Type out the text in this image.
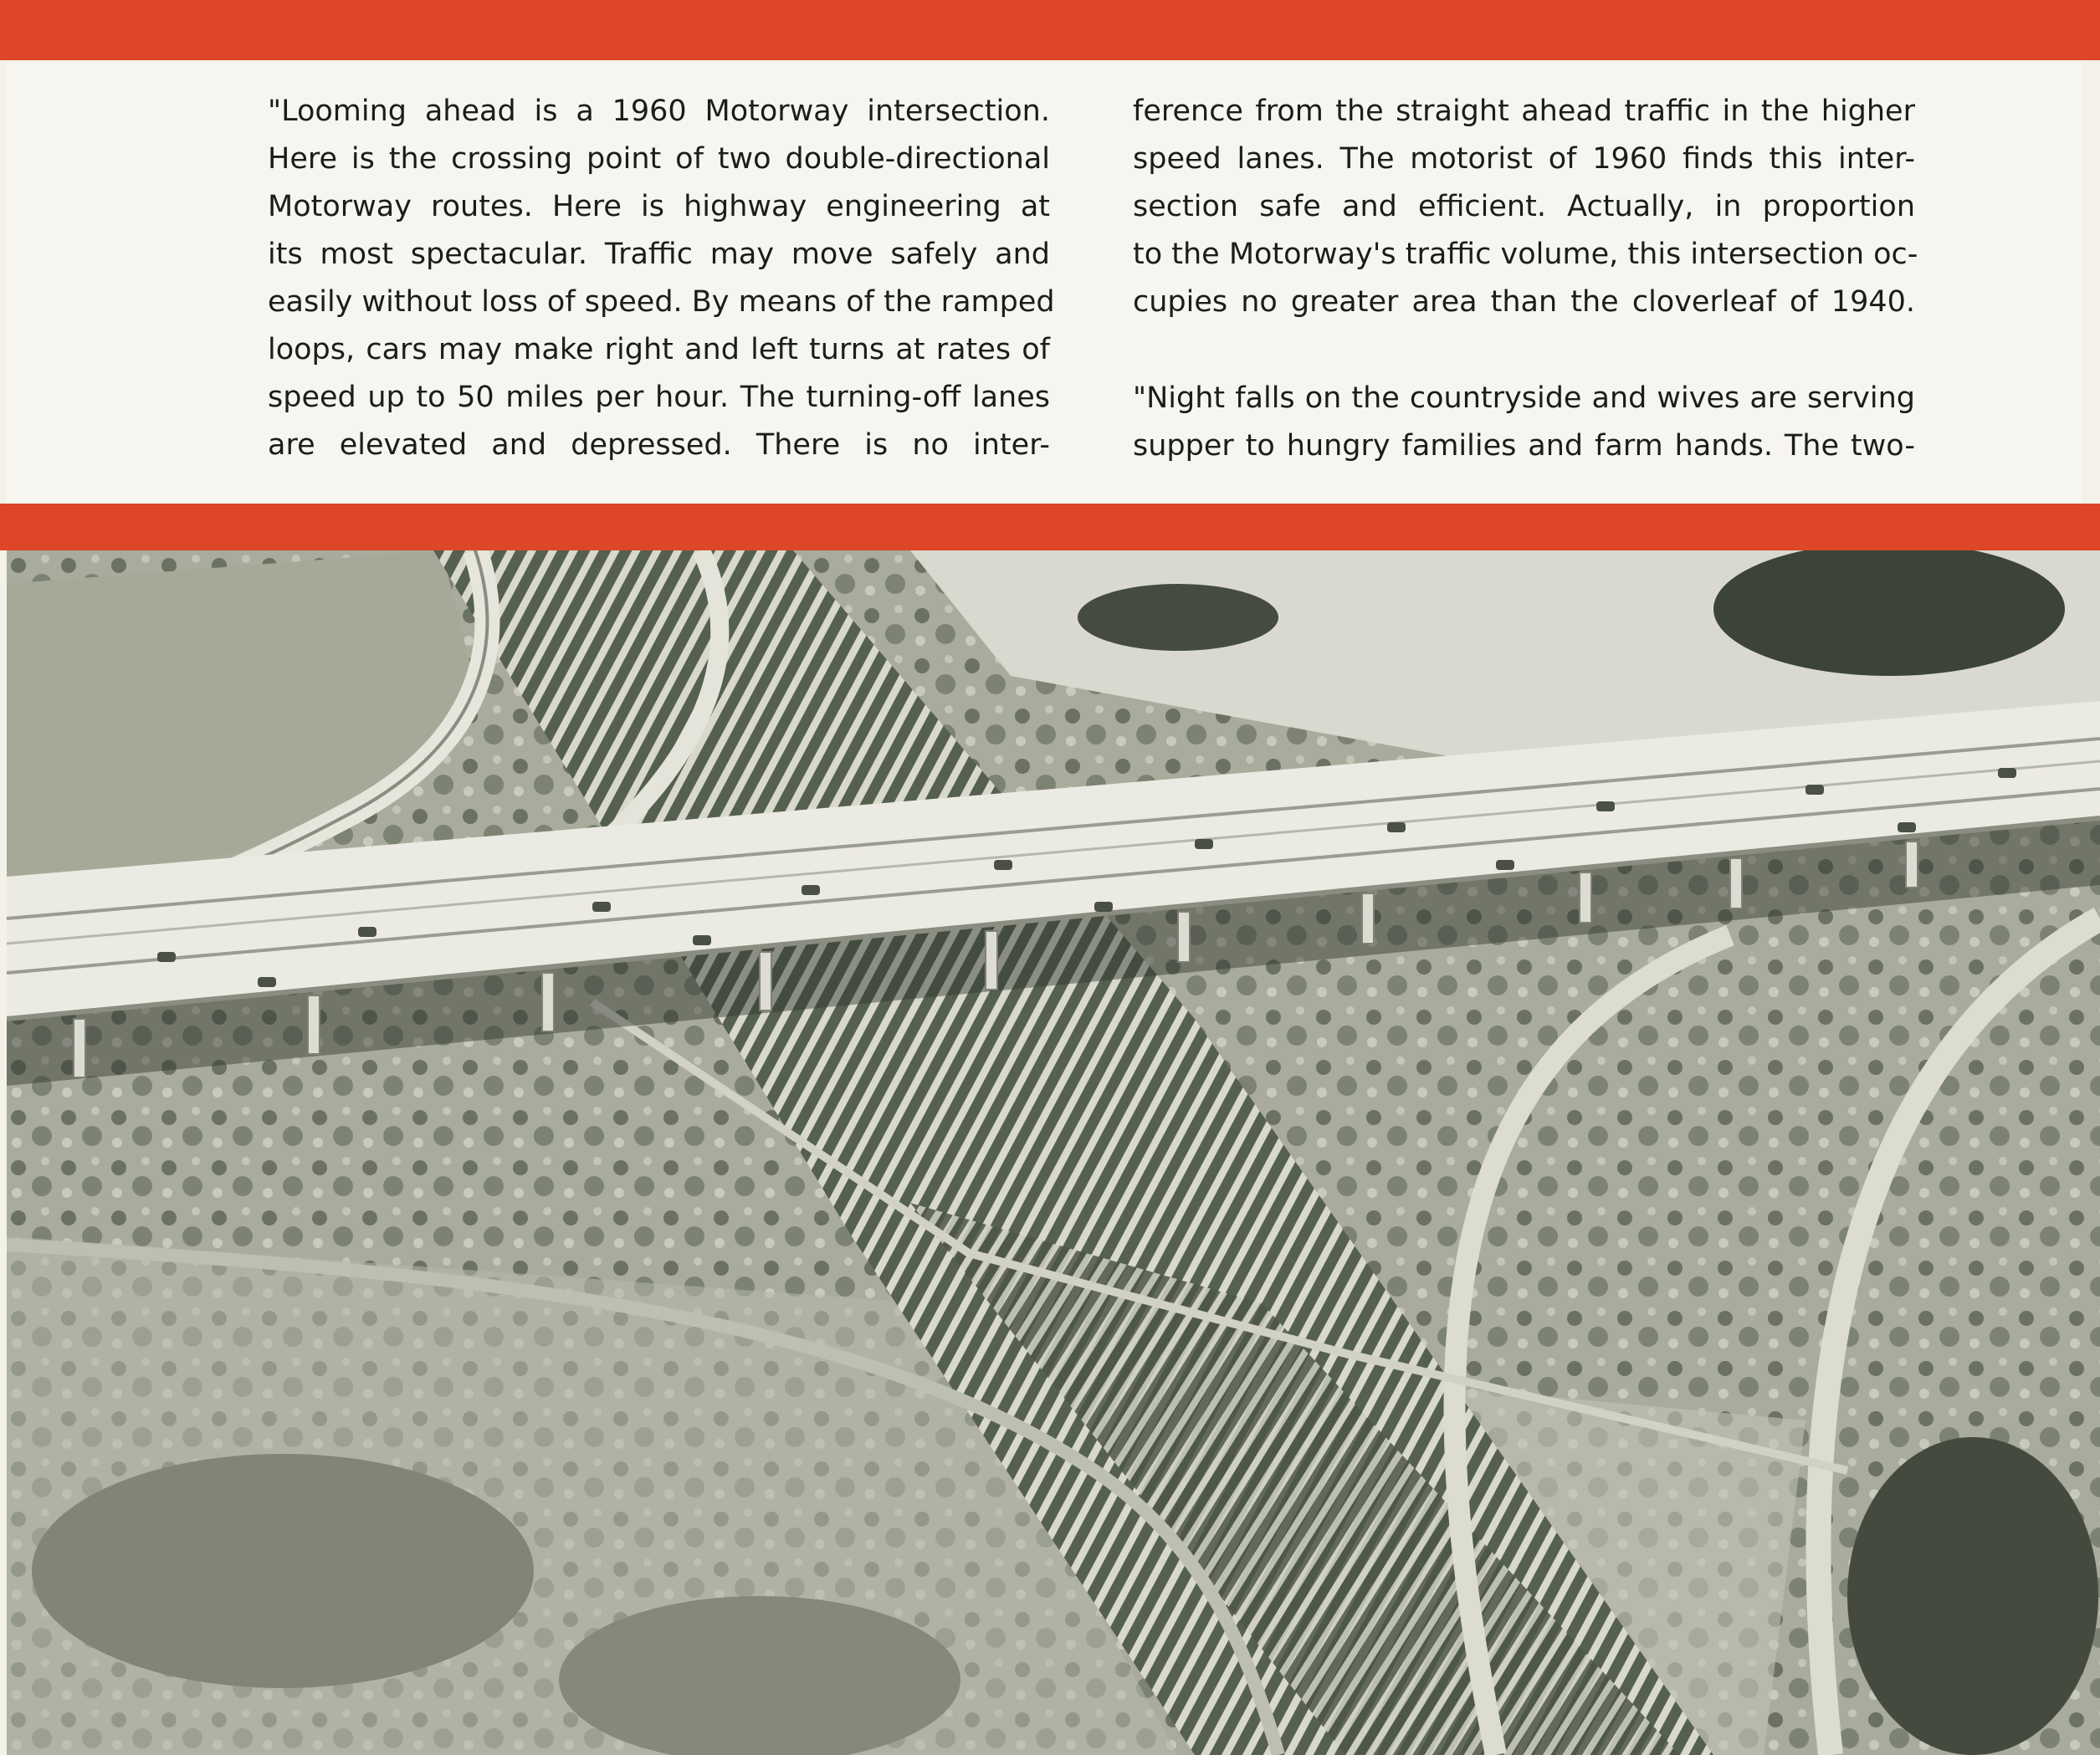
"Looming ahead is a 1960 Motorway intersection.
Here is the crossing point of two double-directional
Motorway routes. Here is highway engineering at
its most spectacular. Traffic may move safely and
easily without loss of speed. By means of the ramped
loops, cars may make right and left turns at rates of
speed up to 50 miles per hour. The turning-off lanes
are elevated and depressed. There is no inter-
ference from the straight ahead traffic in the higher
speed lanes. The motorist of 1960 finds this inter-
section safe and efficient. Actually, in proportion
to the Motorway's traffic volume, this intersection oc-
cupies no greater area than the cloverleaf of 1940.
"Night falls on the countryside and wives are serving
supper to hungry families and farm hands. The two-
